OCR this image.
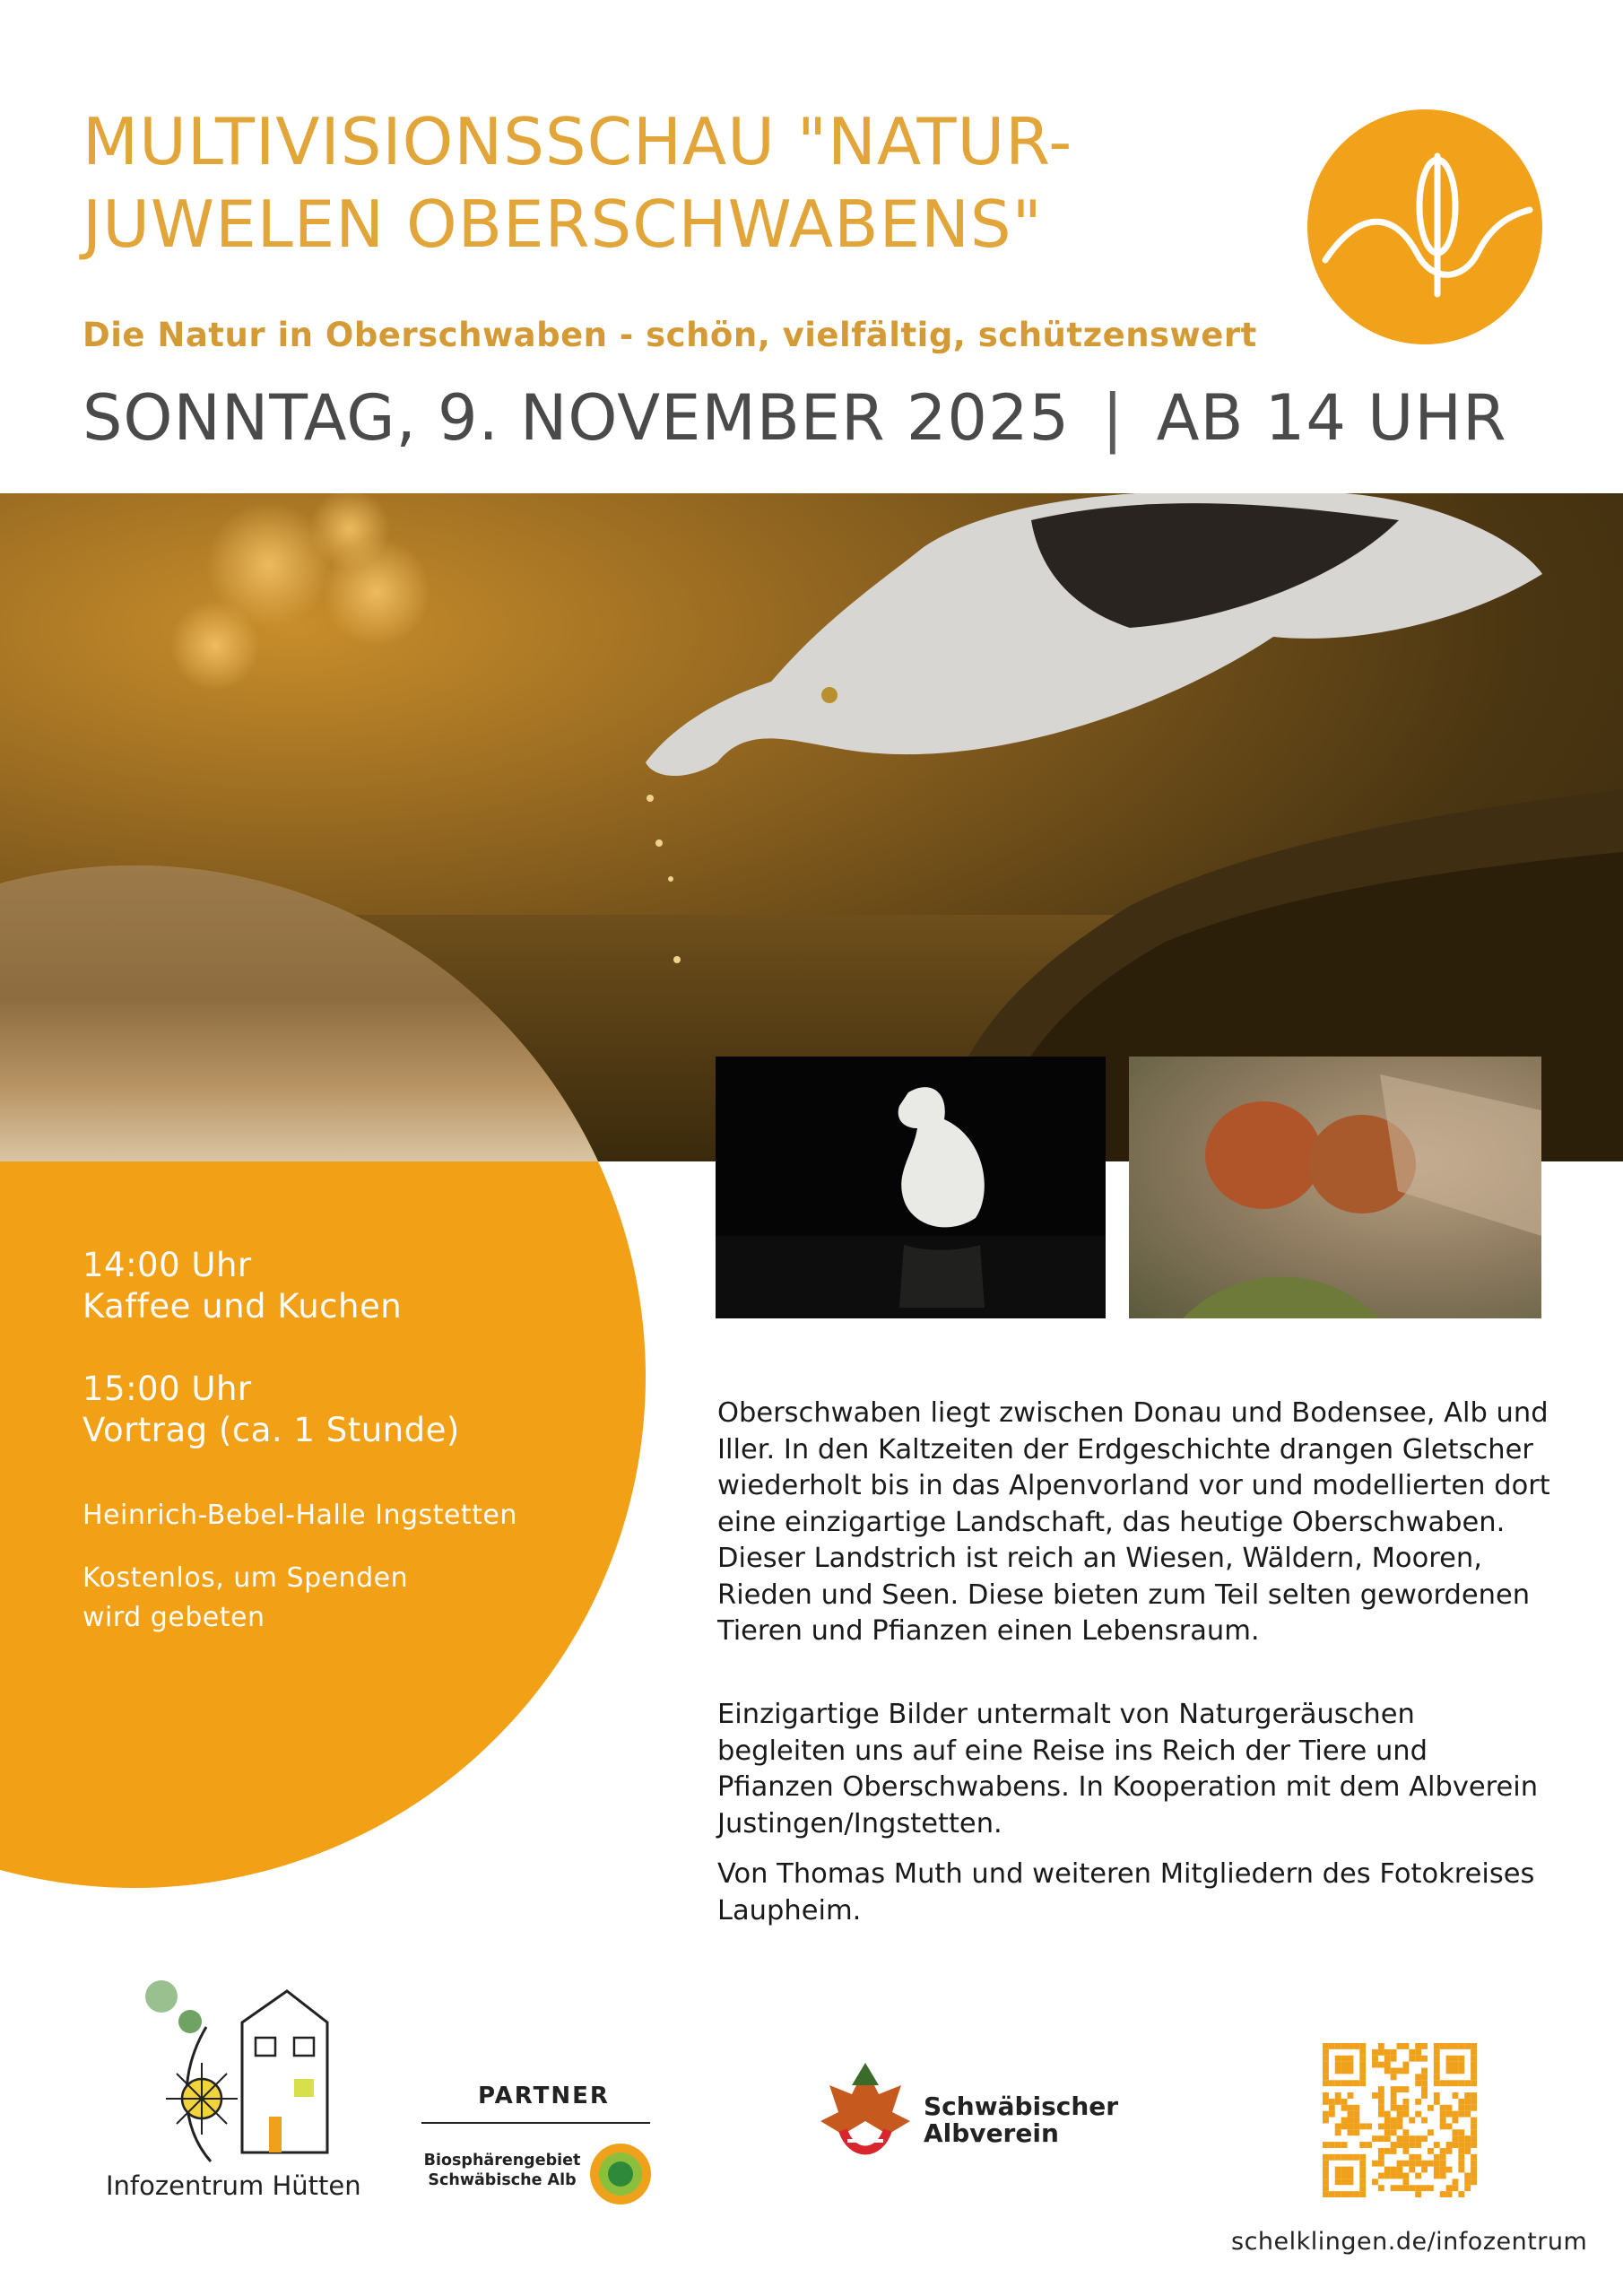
MULTIVISIONSSCHAU "NATUR-
JUWELEN OBERSCHWABENS"
Die Natur in Oberschwaben - schön, vielfältig, schützenswert
SONNTAG, 9. NOVEMBER 2025 | AB 14 UHR
14:00 Uhr
Kaffee und Kuchen
15:00 Uhr
Vortrag (ca. 1 Stunde)
Heinrich-Bebel-Halle Ingstetten
Kostenlos, um Spenden
wird gebeten

Oberschwaben liegt zwischen Donau und Bodensee, Alb und Iller. In den Kaltzeiten der Erdgeschichte drangen Gletscher wiederholt bis in das Alpenvorland vor und modellierten dort eine einzigartige Landschaft, das heutige Oberschwaben. Dieser Landstrich ist reich an Wiesen, Wäldern, Mooren, Rieden und Seen. Diese bieten zum Teil selten gewordenen Tieren und Pfianzen einen Lebensraum.

Einzigartige Bilder untermalt von Naturgeräuschen begleiten uns auf eine Reise ins Reich der Tiere und Pfianzen Oberschwabens. In Kooperation mit dem Albverein Justingen/Ingstetten.

Von Thomas Muth und weiteren Mitgliedern des Fotokreises Laupheim.

Infozentrum Hütten
PARTNER
Biosphärengebiet
Schwäbische Alb
Schwäbischer
Albverein
schelklingen.de/infozentrum
